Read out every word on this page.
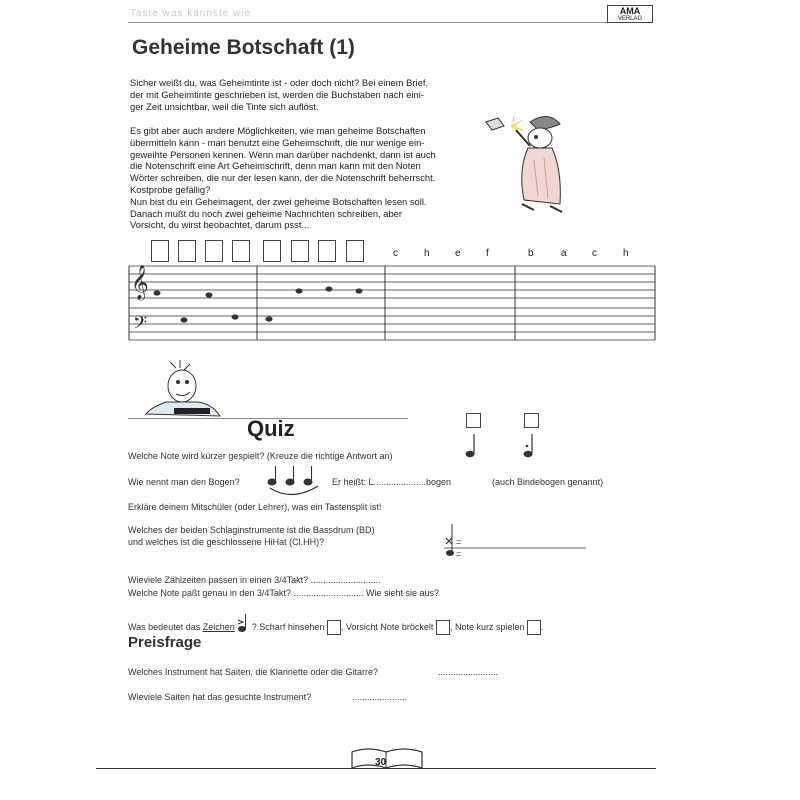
Taste was kannste wie	AMA
VERLAG
Geheime Botschaft (1)
Sicher weißt du, was Geheimtinte ist - oder doch nicht? Bei einem Brief,
der mit Geheimtinte geschrieben ist, werden die Buchstaben nach eini-
ger Zeit unsichtbar, weil die Tinte sich auflöst.
Es gibt aber auch andere Möglichkeiten, wie man geheime Botschaften
übermitteln kann - man benutzt eine Geheimschrift, die nur wenige ein-
geweihte Personen kennen. Wenn man darüber nachdenkt, dann ist auch
die Notenschrift eine Art Geheimschrift, denn man kann mit den Noten
Wörter schreiben, die nur der lesen kann, der die Notenschrift beherrscht.
Kostprobe gefällig?
Nun bist du ein Geheimagent, der zwei geheime Botschaften lesen soll.
Danach mußt du noch zwei geheime Nachrichten schreiben, aber
Vorsicht, du wirst beobachtet, darum psst...
c	h	e	f	b	a	c	h
𝄞
𝄢
Quiz
Welche Note wird kürzer gespielt? (Kreuze die richtige Antwort an)
Wie nennt man den Bogen?	Er heißt: L.....................bogen	(auch Bindebogen genannt)
Erkläre deinem Mitschüler (oder Lehrer), was ein Tastensplit ist!
Welches der beiden Schlaginstrumente ist die Bassdrum (BD)
und welches ist die geschlossene HiHat (Cl.HH)?	=
=
Wieviele Zählzeiten passen in einen 3/4Takt? ............................
Welche Note paßt genau in den 3/4Takt? ............................ Wie sieht sie aus?
Was bedeutet das Zeichen ? Scharf hinsehen , Vorsicht Note bröckelt , Note kurz spielen .
Preisfrage
Welches Instrument hat Saiten, die Klarinette oder die Gitarre?	........................
Wieviele Saiten hat das gesuchte Instrument?	......................
30
